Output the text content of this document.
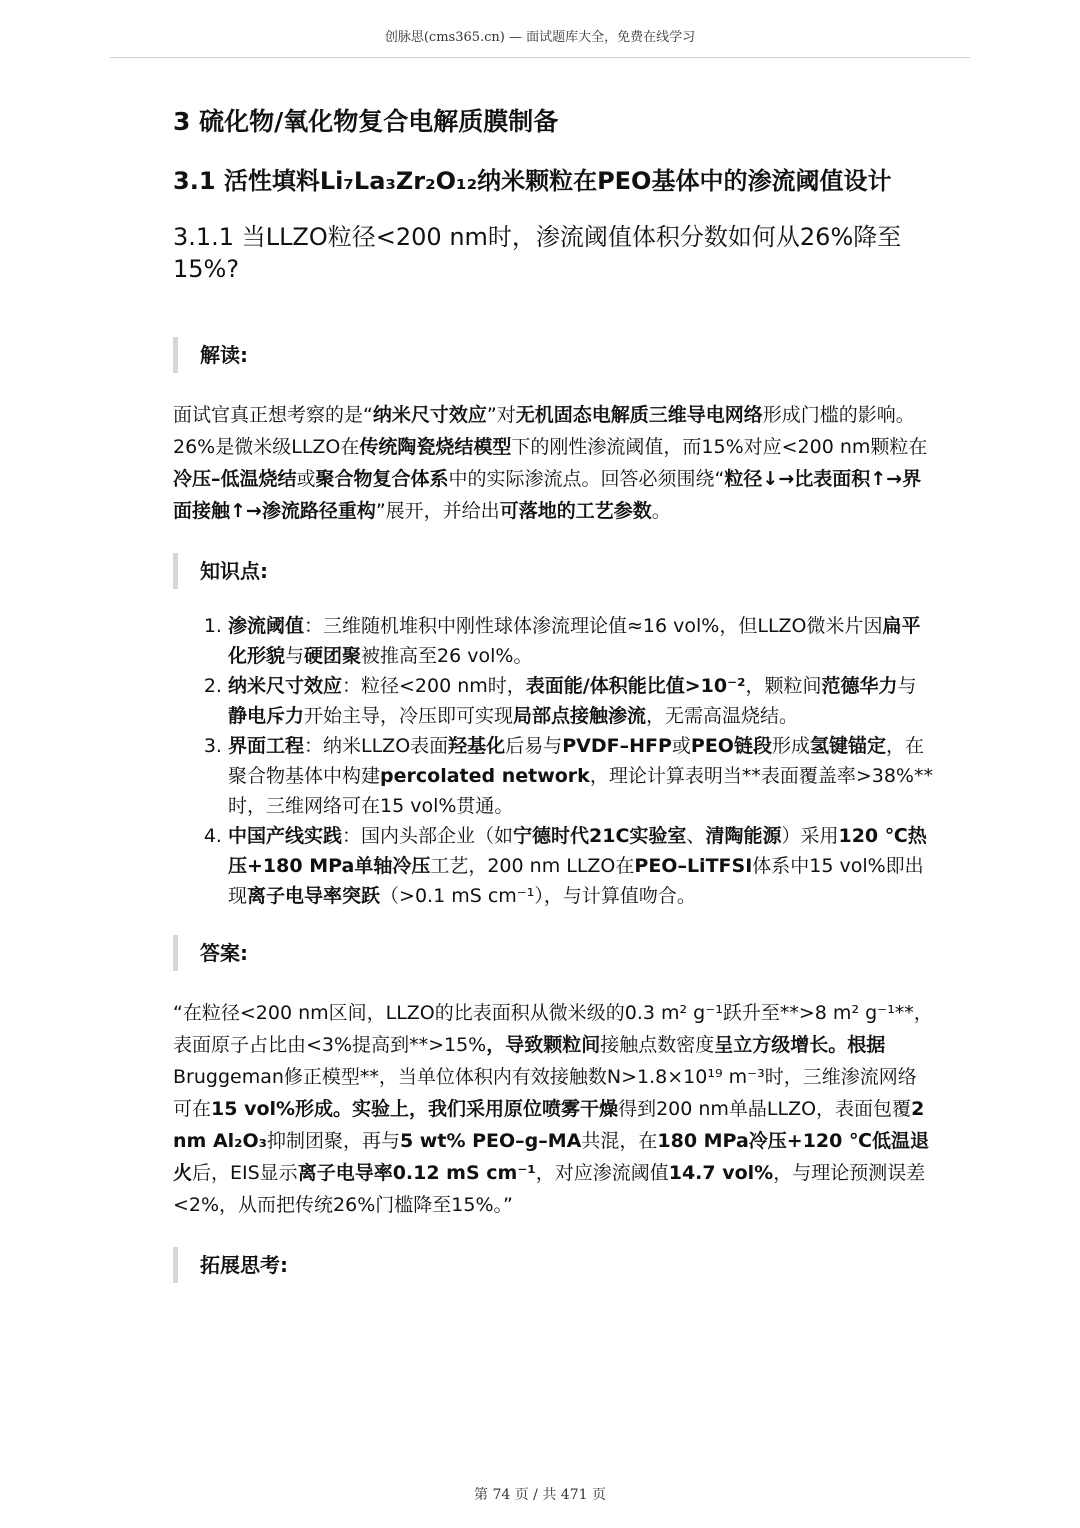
创脉思(cms365.cn) — 面试题库大全，免费在线学习
3 硫化物/氧化物复合电解质膜制备
3.1 活性填料Li₇La₃Zr₂O₁₂纳米颗粒在PEO基体中的渗流阈值设计
3.1.1 当LLZO粒径<200 nm时，渗流阈值体积分数如何从26%降至15%?
解读:

面试官真正想考察的是“纳米尺寸效应”对无机固态电解质三维导电网络形成门槛的影响。26%是微米级LLZO在传统陶瓷烧结模型下的刚性渗流阈值，而15%对应<200 nm颗粒在冷压–低温烧结或聚合物复合体系中的实际渗流点。回答必须围绕“粒径↓→比表面积↑→界面接触↑→渗流路径重构”展开，并给出可落地的工艺参数。

知识点:
1. 渗流阈值：三维随机堆积中刚性球体渗流理论值≈16 vol%，但LLZO微米片因扁平化形貌与硬团聚被推高至26 vol%。
2. 纳米尺寸效应：粒径<200 nm时，表面能/体积能比值>10⁻²，颗粒间范德华力与静电斥力开始主导，冷压即可实现局部点接触渗流，无需高温烧结。
3. 界面工程：纳米LLZO表面羟基化后易与PVDF–HFP或PEO链段形成氢键锚定，在聚合物基体中构建percolated network，理论计算表明当**表面覆盖率>38%**时，三维网络可在15 vol%贯通。
4. 中国产线实践：国内头部企业（如宁德时代21C实验室、清陶能源）采用120 ℃热压+180 MPa单轴冷压工艺，200 nm LLZO在PEO–LiTFSI体系中15 vol%即出现离子电导率突跃（>0.1 mS cm⁻¹），与计算值吻合。
答案:

“在粒径<200 nm区间，LLZO的比表面积从微米级的0.3 m² g⁻¹跃升至**>8 m² g⁻¹**，表面原子占比由<3%提高到**>15%，导致颗粒间接触点数密度呈立方级增长。根据Bruggeman修正模型**，当单位体积内有效接触数N>1.8×10¹⁹ m⁻³时，三维渗流网络可在15 vol%形成。实验上，我们采用原位喷雾干燥得到200 nm单晶LLZO，表面包覆2 nm Al₂O₃抑制团聚，再与5 wt% PEO–g–MA共混，在180 MPa冷压+120 ℃低温退火后，EIS显示离子电导率0.12 mS cm⁻¹，对应渗流阈值14.7 vol%，与理论预测误差<2%，从而把传统26%门槛降至15%。”

拓展思考:
第 74 页 / 共 471 页
